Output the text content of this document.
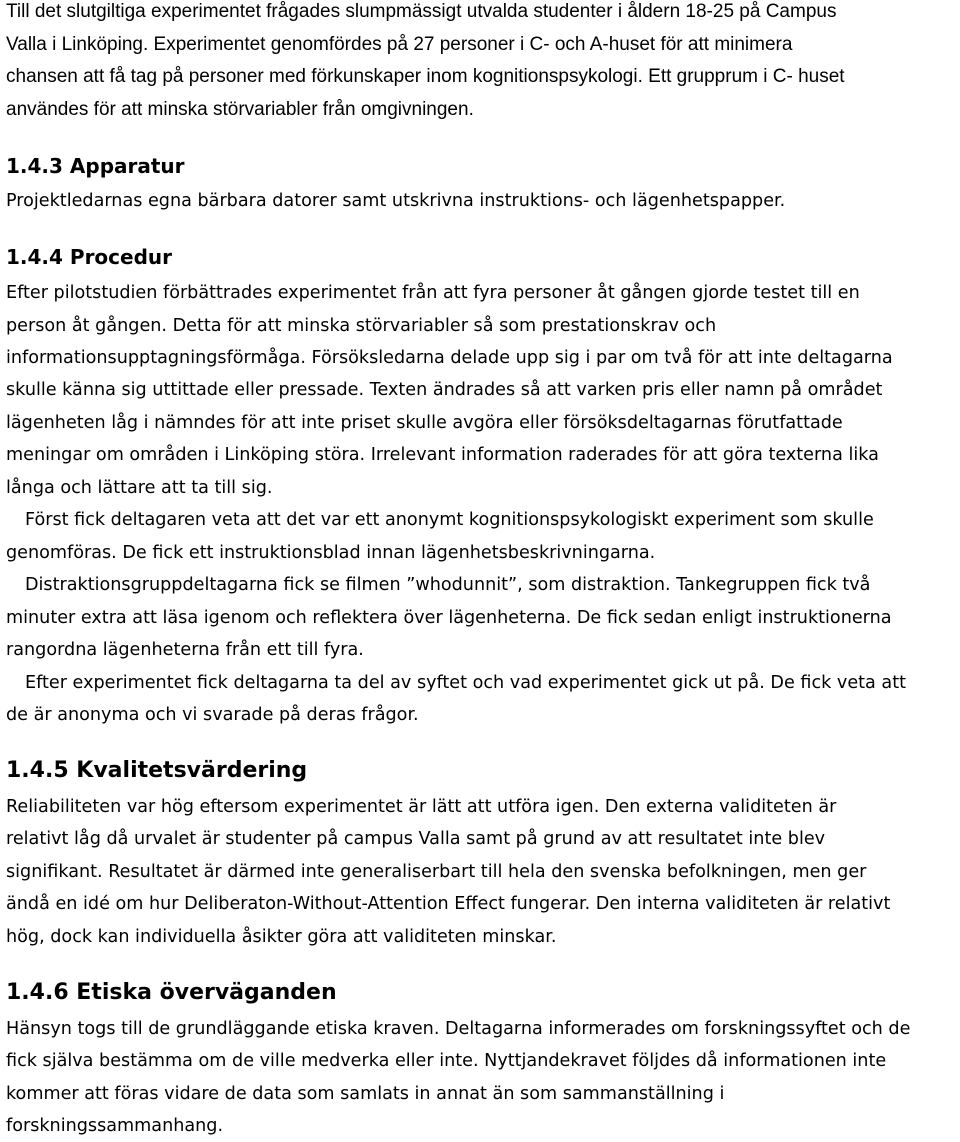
Till det slutgiltiga experimentet frågades slumpmässigt utvalda studenter i åldern 18-25 på Campus
Valla i Linköping. Experimentet genomfördes på 27 personer i C- och A-huset för att minimera
chansen att få tag på personer med förkunskaper inom kognitionspsykologi. Ett grupprum i C- huset
användes för att minska störvariabler från omgivningen.
1.4.3 Apparatur
Projektledarnas egna bärbara datorer samt utskrivna instruktions- och lägenhetspapper.
1.4.4 Procedur
Efter pilotstudien förbättrades experimentet från att fyra personer åt gången gjorde testet till en
person åt gången. Detta för att minska störvariabler så som prestationskrav och
informationsupptagningsförmåga. Försöksledarna delade upp sig i par om två för att inte deltagarna
skulle känna sig uttittade eller pressade. Texten ändrades så att varken pris eller namn på området
lägenheten låg i nämndes för att inte priset skulle avgöra eller försöksdeltagarnas förutfattade
meningar om områden i Linköping störa. Irrelevant information raderades för att göra texterna lika
långa och lättare att ta till sig.
Först fick deltagaren veta att det var ett anonymt kognitionspsykologiskt experiment som skulle
genomföras. De fick ett instruktionsblad innan lägenhetsbeskrivningarna.
Distraktionsgruppdeltagarna fick se filmen ”whodunnit”, som distraktion. Tankegruppen fick två
minuter extra att läsa igenom och reflektera över lägenheterna. De fick sedan enligt instruktionerna
rangordna lägenheterna från ett till fyra.
Efter experimentet fick deltagarna ta del av syftet och vad experimentet gick ut på. De fick veta att
de är anonyma och vi svarade på deras frågor.
1.4.5 Kvalitetsvärdering
Reliabiliteten var hög eftersom experimentet är lätt att utföra igen. Den externa validiteten är
relativt låg då urvalet är studenter på campus Valla samt på grund av att resultatet inte blev
signifikant. Resultatet är därmed inte generaliserbart till hela den svenska befolkningen, men ger
ändå en idé om hur Deliberaton-Without-Attention Effect fungerar. Den interna validiteten är relativt
hög, dock kan individuella åsikter göra att validiteten minskar.
1.4.6 Etiska överväganden
Hänsyn togs till de grundläggande etiska kraven. Deltagarna informerades om forskningssyftet och de
fick själva bestämma om de ville medverka eller inte. Nyttjandekravet följdes då informationen inte
kommer att föras vidare de data som samlats in annat än som sammanställning i
forskningssammanhang.
